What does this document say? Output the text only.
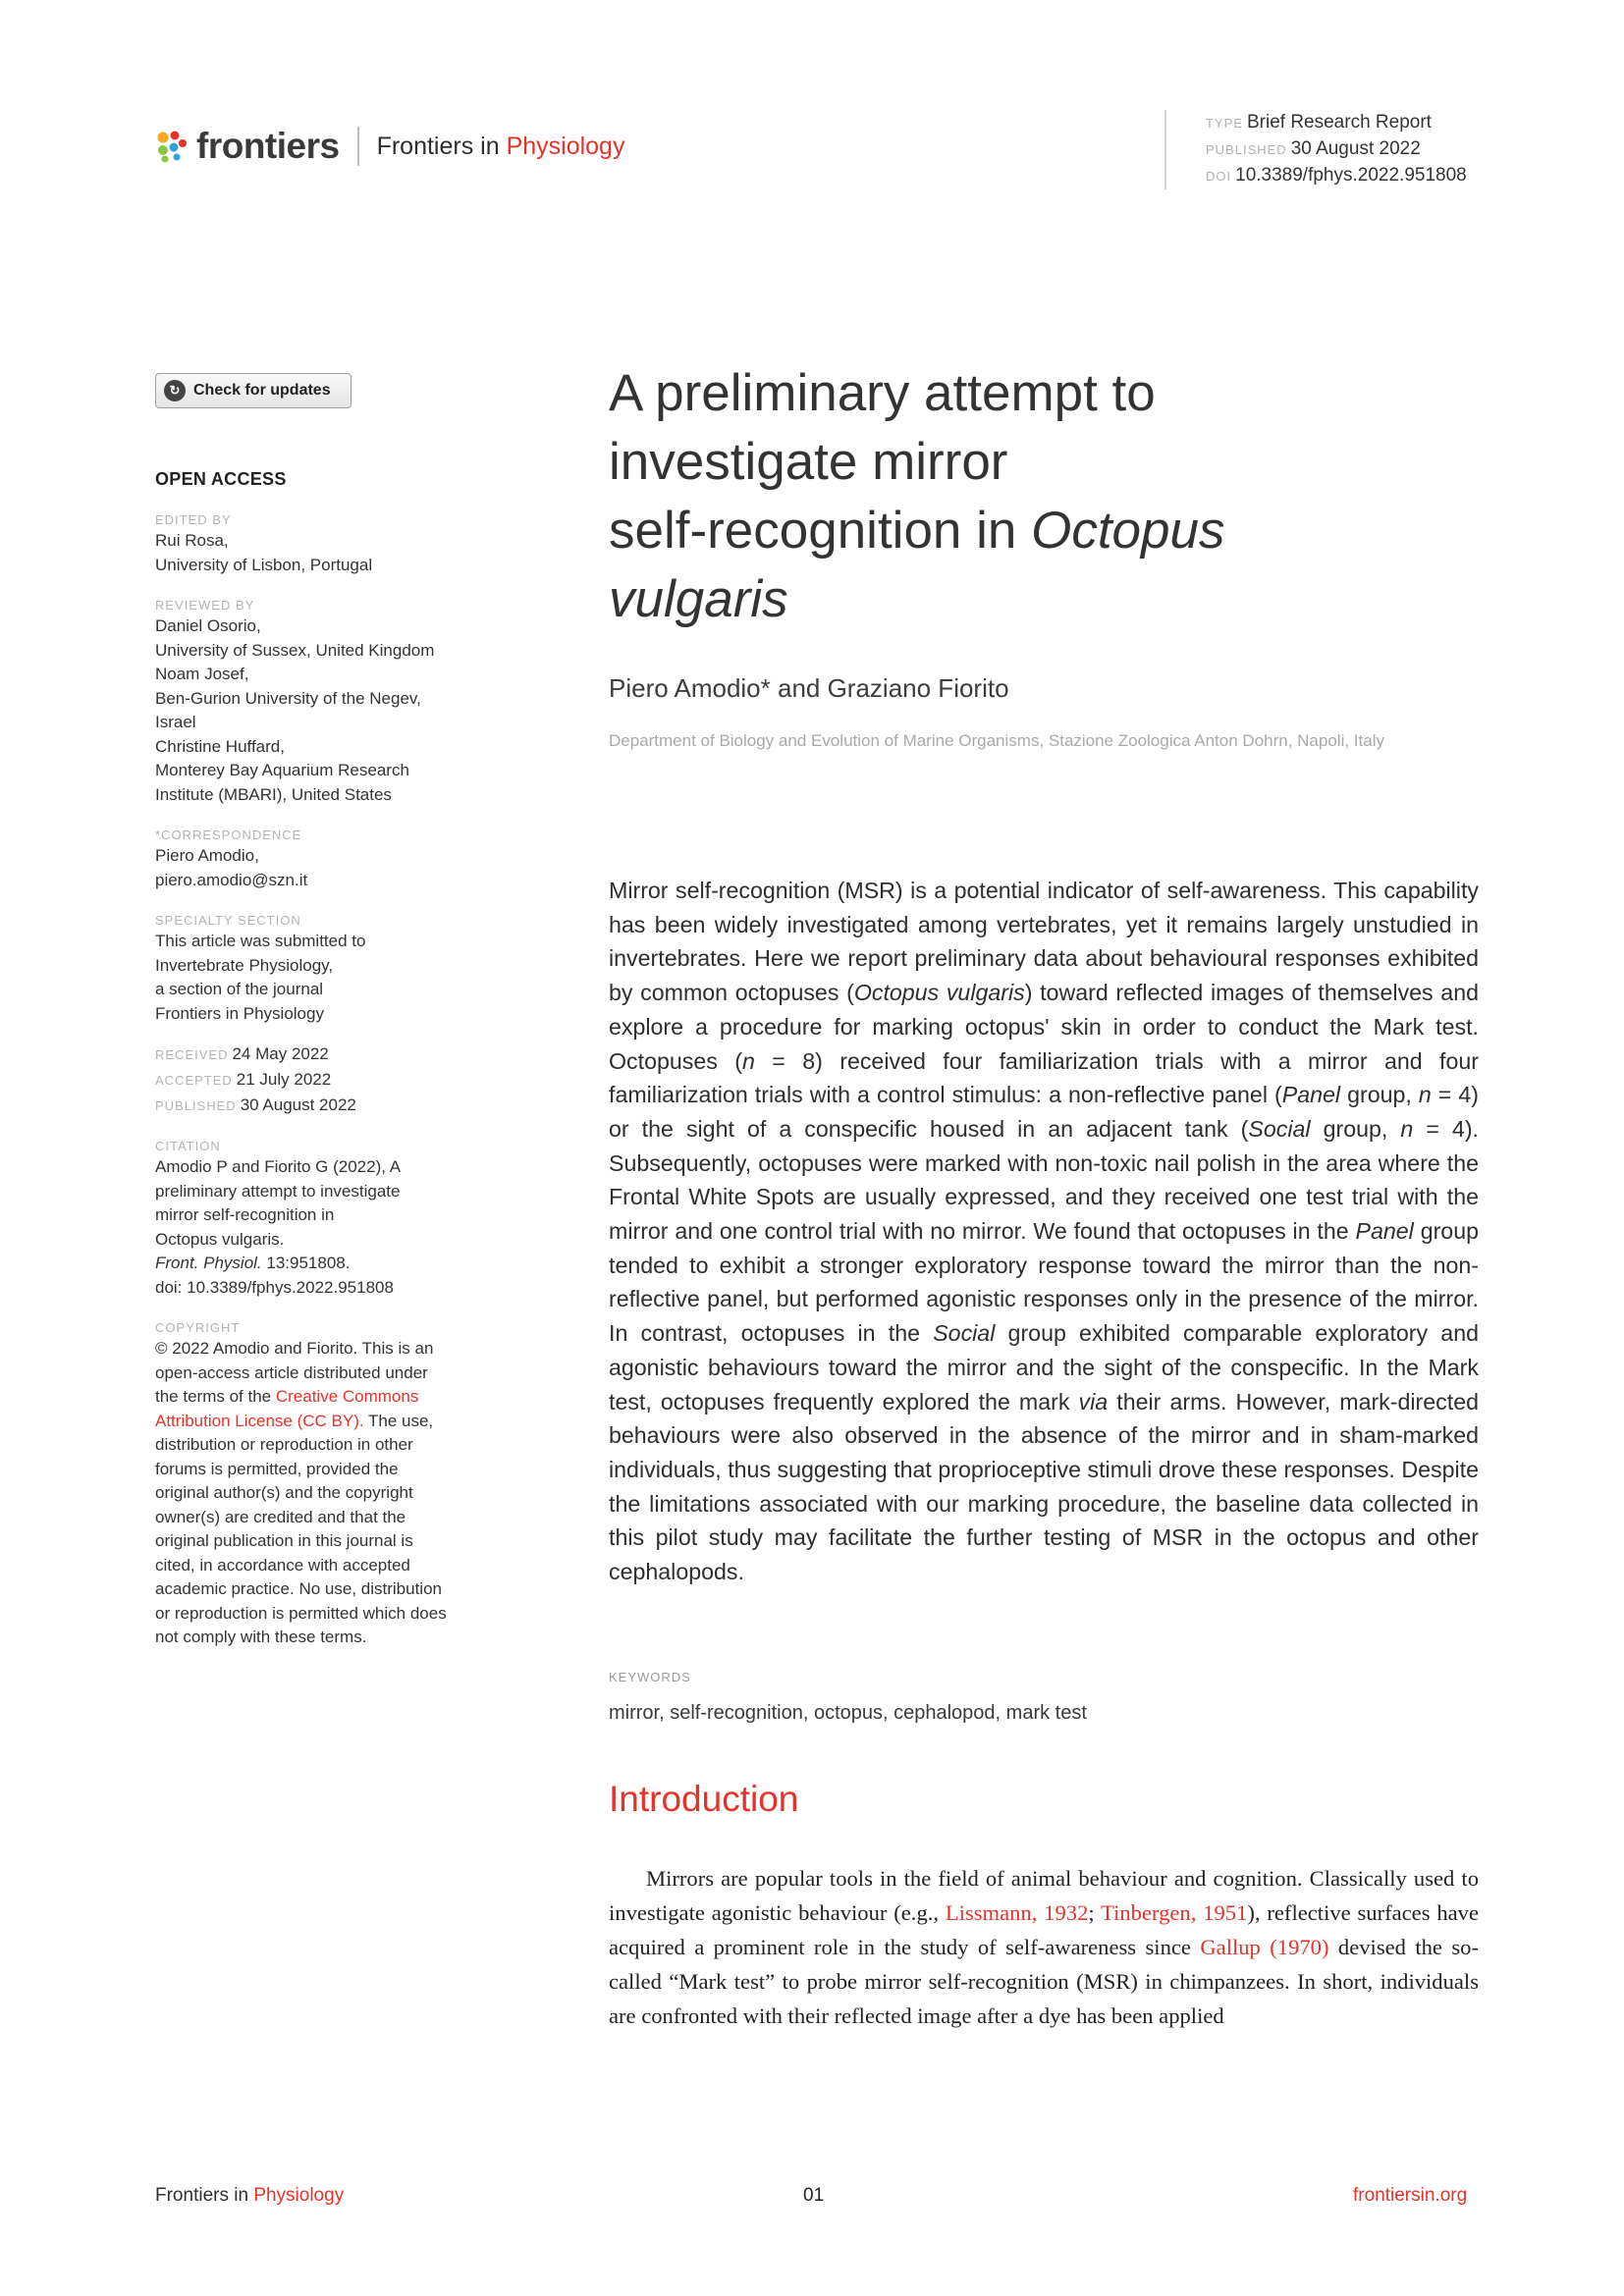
frontiers Frontiers in Physiology
TYPE Brief Research Report
PUBLISHED 30 August 2022
DOI 10.3389/fphys.2022.951808
↻ Check for updates
OPEN ACCESS
EDITED BY
Rui Rosa,
University of Lisbon, Portugal
REVIEWED BY
Daniel Osorio,
University of Sussex, United Kingdom
Noam Josef,
Ben-Gurion University of the Negev,
Israel
Christine Huffard,
Monterey Bay Aquarium Research
Institute (MBARI), United States
*CORRESPONDENCE
Piero Amodio,
piero.amodio@szn.it
SPECIALTY SECTION
This article was submitted to
Invertebrate Physiology,
a section of the journal
Frontiers in Physiology
RECEIVED 24 May 2022
ACCEPTED 21 July 2022
PUBLISHED 30 August 2022
CITATION
Amodio P and Fiorito G (2022), A
preliminary attempt to investigate
mirror self-recognition in
Octopus vulgaris.
Front. Physiol. 13:951808.
doi: 10.3389/fphys.2022.951808
COPYRIGHT
© 2022 Amodio and Fiorito. This is an
open-access article distributed under
the terms of the Creative Commons
Attribution License (CC BY). The use,
distribution or reproduction in other
forums is permitted, provided the
original author(s) and the copyright
owner(s) are credited and that the
original publication in this journal is
cited, in accordance with accepted
academic practice. No use, distribution
or reproduction is permitted which does
not comply with these terms.
A preliminary attempt to
investigate mirror
self-recognition in Octopus
vulgaris
Piero Amodio* and Graziano Fiorito
Department of Biology and Evolution of Marine Organisms, Stazione Zoologica Anton Dohrn, Napoli, Italy
Mirror self-recognition (MSR) is a potential indicator of self-awareness. This capability has been widely investigated among vertebrates, yet it remains largely unstudied in invertebrates. Here we report preliminary data about behavioural responses exhibited by common octopuses (Octopus vulgaris) toward reflected images of themselves and explore a procedure for marking octopus' skin in order to conduct the Mark test. Octopuses (n = 8) received four familiarization trials with a mirror and four familiarization trials with a control stimulus: a non-reflective panel (Panel group, n = 4) or the sight of a conspecific housed in an adjacent tank (Social group, n = 4). Subsequently, octopuses were marked with non-toxic nail polish in the area where the Frontal White Spots are usually expressed, and they received one test trial with the mirror and one control trial with no mirror. We found that octopuses in the Panel group tended to exhibit a stronger exploratory response toward the mirror than the non-reflective panel, but performed agonistic responses only in the presence of the mirror. In contrast, octopuses in the Social group exhibited comparable exploratory and agonistic behaviours toward the mirror and the sight of the conspecific. In the Mark test, octopuses frequently explored the mark via their arms. However, mark-directed behaviours were also observed in the absence of the mirror and in sham-marked individuals, thus suggesting that proprioceptive stimuli drove these responses. Despite the limitations associated with our marking procedure, the baseline data collected in this pilot study may facilitate the further testing of MSR in the octopus and other cephalopods.
KEYWORDS
mirror, self-recognition, octopus, cephalopod, mark test
Introduction
Mirrors are popular tools in the field of animal behaviour and cognition. Classically used to investigate agonistic behaviour (e.g., Lissmann, 1932; Tinbergen, 1951), reflective surfaces have acquired a prominent role in the study of self-awareness since Gallup (1970) devised the so-called “Mark test” to probe mirror self-recognition (MSR) in chimpanzees. In short, individuals are confronted with their reflected image after a dye has been applied
Frontiers in Physiology	01	frontiersin.org
